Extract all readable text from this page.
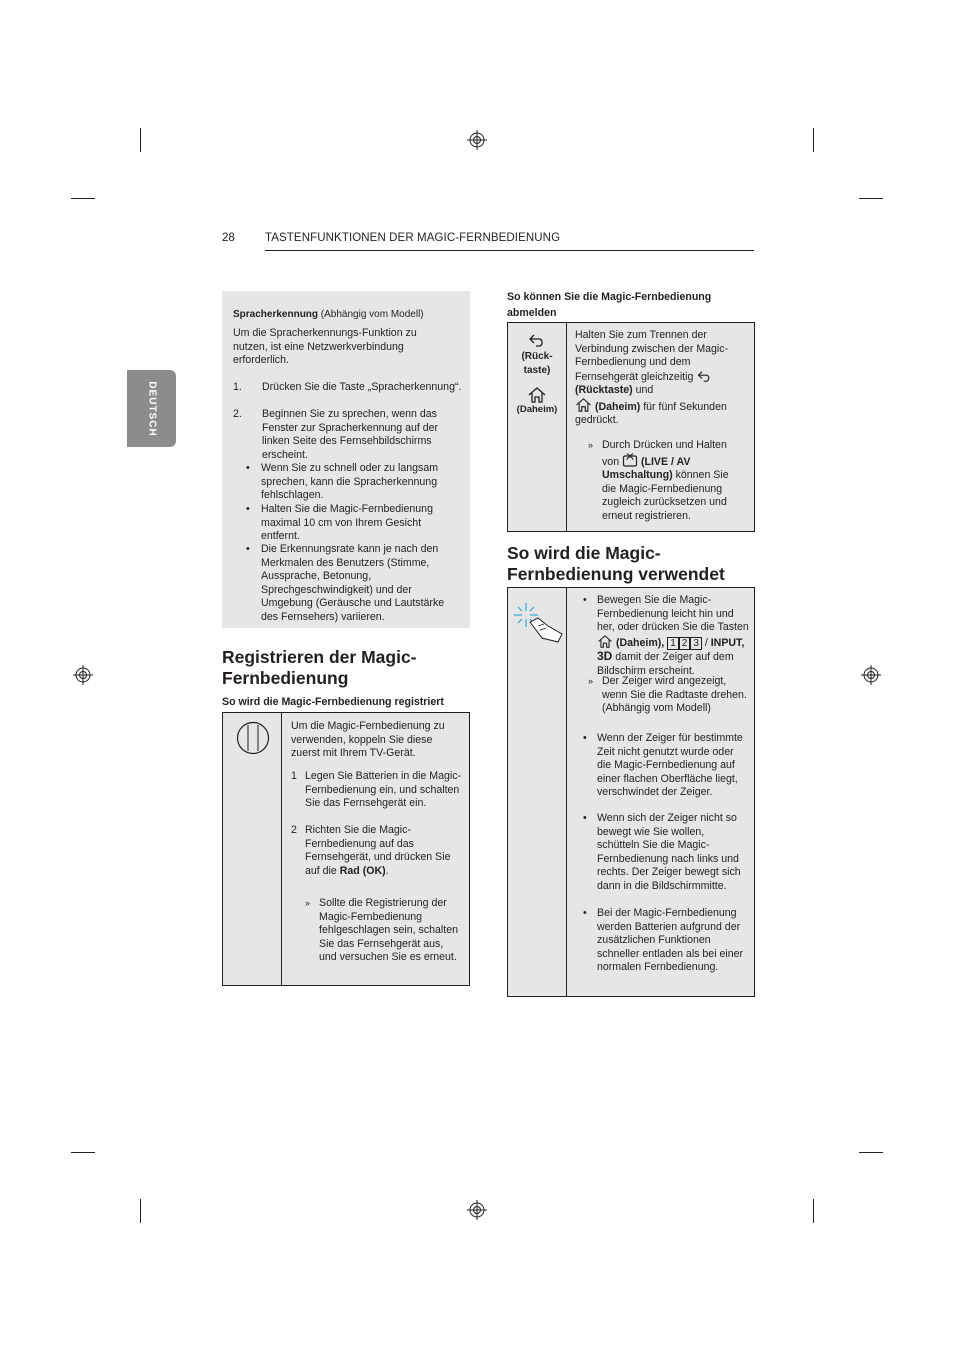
28	TASTENFUNKTIONEN DER MAGIC-FERNBEDIENUNG
DEUTSCH
Spracherkennung (Abhängig vom Modell)
Um die Spracherkennungs-Funktion zu nutzen, ist eine Netzwerkverbindung erforderlich.
1. Drücken Sie die Taste „Spracherkennung“.
2. Beginnen Sie zu sprechen, wenn das Fenster zur Spracherkennung auf der linken Seite des Fernsehbildschirms erscheint.
• Wenn Sie zu schnell oder zu langsam sprechen, kann die Spracherkennung fehlschlagen.
• Halten Sie die Magic-Fernbedienung maximal 10 cm von Ihrem Gesicht entfernt.
• Die Erkennungsrate kann je nach den Merkmalen des Benutzers (Stimme, Aussprache, Betonung, Sprechgeschwindigkeit) und der Umgebung (Geräusche und Lautstärke des Fernsehers) variieren.
Registrieren der Magic-Fernbedienung
So wird die Magic-Fernbedienung registriert
Um die Magic-Fernbedienung zu verwenden, koppeln Sie diese zuerst mit Ihrem TV-Gerät.
1 Legen Sie Batterien in die Magic-Fernbedienung ein, und schalten Sie das Fernsehgerät ein.
2 Richten Sie die Magic-Fernbedienung auf das Fernsehgerät, und drücken Sie auf die Rad (OK).
» Sollte die Registrierung der Magic-Fernbedienung fehlgeschlagen sein, schalten Sie das Fernsehgerät aus, und versuchen Sie es erneut.
So können Sie die Magic-Fernbedienung abmelden
(Rück-
taste)
(Daheim)
Halten Sie zum Trennen der Verbindung zwischen der Magic-Fernbedienung und dem Fernsehgerät gleichzeitig
(Rücktaste) und
(Daheim) für fünf Sekunden gedrückt.
» Durch Drücken und Halten von  (LIVE / AV Umschaltung) können Sie die Magic-Fernbedienung zugleich zurücksetzen und erneut registrieren.
So wird die Magic-Fernbedienung verwendet
• Bewegen Sie die Magic-Fernbedienung leicht hin und her, oder drücken Sie die Tasten  (Daheim), 1 2 3 / INPUT, 3D damit der Zeiger auf dem Bildschirm erscheint.
» Der Zeiger wird angezeigt, wenn Sie die Radtaste drehen.(Abhängig vom Modell)
• Wenn der Zeiger für bestimmte Zeit nicht genutzt wurde oder die Magic-Fernbedienung auf einer flachen Oberfläche liegt, verschwindet der Zeiger.
• Wenn sich der Zeiger nicht so bewegt wie Sie wollen, schütteln Sie die Magic-Fernbedienung nach links und rechts. Der Zeiger bewegt sich dann in die Bildschirmmitte.
• Bei der Magic-Fernbedienung werden Batterien aufgrund der zusätzlichen Funktionen schneller entladen als bei einer normalen Fernbedienung.
